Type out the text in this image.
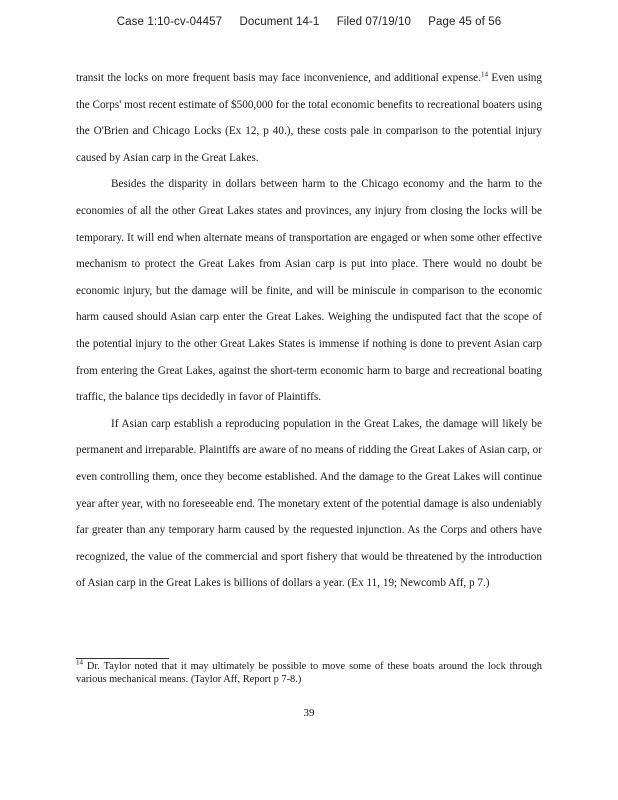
Case 1:10-cv-04457 Document 14-1 Filed 07/19/10 Page 45 of 56

transit the locks on more frequent basis may face inconvenience, and additional expense.$^{14}$ Even using the Corps' most recent estimate of $500,000 for the total economic benefits to recreational boaters using the O'Brien and Chicago Locks (Ex 12, p 40.), these costs pale in comparison to the potential injury caused by Asian carp in the Great Lakes.

Besides the disparity in dollars between harm to the Chicago economy and the harm to the economies of all the other Great Lakes states and provinces, any injury from closing the locks will be temporary. It will end when alternate means of transportation are engaged or when some other effective mechanism to protect the Great Lakes from Asian carp is put into place. There would no doubt be economic injury, but the damage will be finite, and will be miniscule in comparison to the economic harm caused should Asian carp enter the Great Lakes. Weighing the undisputed fact that the scope of the potential injury to the other Great Lakes States is immense if nothing is done to prevent Asian carp from entering the Great Lakes, against the short-term economic harm to barge and recreational boating traffic, the balance tips decidedly in favor of Plaintiffs.

If Asian carp establish a reproducing population in the Great Lakes, the damage will likely be permanent and irreparable. Plaintiffs are aware of no means of ridding the Great Lakes of Asian carp, or even controlling them, once they become established. And the damage to the Great Lakes will continue year after year, with no foreseeable end. The monetary extent of the potential damage is also undeniably far greater than any temporary harm caused by the requested injunction. As the Corps and others have recognized, the value of the commercial and sport fishery that would be threatened by the introduction of Asian carp in the Great Lakes is billions of dollars a year. (Ex 11, 19; Newcomb Aff, p 7.)

$^{14}$ Dr. Taylor noted that it may ultimately be possible to move some of these boats around the lock through various mechanical means. (Taylor Aff, Report p 7-8.)
39
